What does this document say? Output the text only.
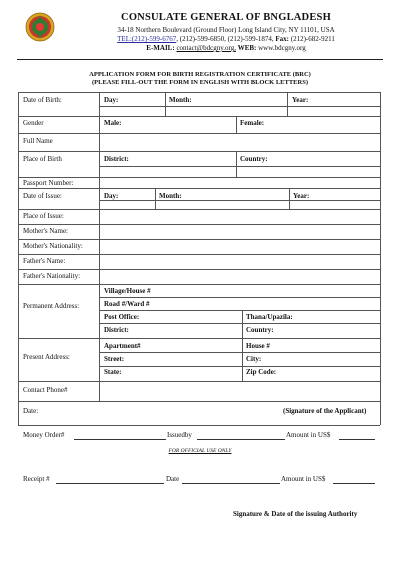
CONSULATE GENERAL OF BNGLADESH
34-18 Northern Boulevard (Ground Floor) Long Island City, NY 11101, USA
TEL:(212)-599-6767, (212)-599-6850, (212)-599-1874, Fax: (212)-682-9211
E-MAIL: contact@bdcgny.org, WEB: www.bdcgny.org
APPLICATION FORM FOR BIRTH REGISTRATION CERTIFICATE (BRC)
(PLEASE FILL-OUT THE FORM IN ENGLISH WITH BLOCK LETTERS)
Date of Birth:	Day:	Month:	Year:
Gender	Male:	Female:
Full Name
Place of Birth	District:	Country:
Passport Number:
Date of Issue:	Day:	Month:	Year:
Place of Issue:
Mother's Name:
Mother's Nationality:
Father's Name:
Father's Nationality:
Permanent Address:
Village/House #
Road #/Ward #
Post Office:	Thana/Upazila:
District:	Country:
Present Address:
Apartment#	House #
Street:	City:
State:	Zip Code:
Contact Phone#
Date:	(Signature of the Applicant)
Money Order#	Issuedby	Amount in US$
FOR OFFICIAL USE ONLY
Receipt #	Date	Amount in US$
Signature & Date of the issuing Authority
